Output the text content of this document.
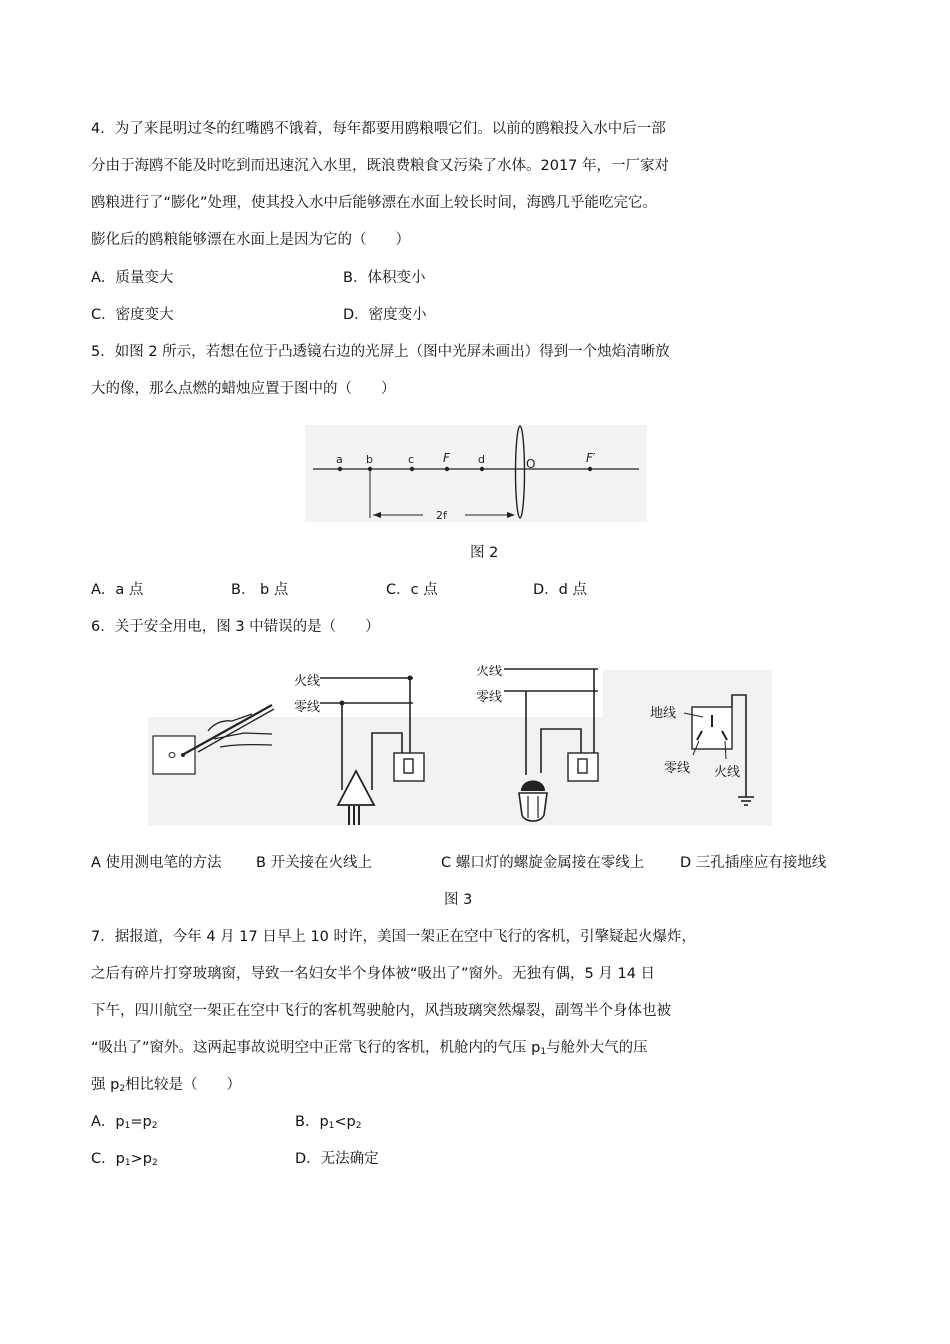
4．为了来昆明过冬的红嘴鸥不饿着，每年都要用鸥粮喂它们。以前的鸥粮投入水中后一部
分由于海鸥不能及时吃到而迅速沉入水里，既浪费粮食又污染了水体。2017 年，一厂家对
鸥粮进行了“膨化”处理，使其投入水中后能够漂在水面上较长时间，海鸥几乎能吃完它。
膨化后的鸥粮能够漂在水面上是因为它的（　　）
A．质量变大	B．体积变小
C．密度变大	D．密度变小
5．如图 2 所示，若想在位于凸透镜右边的光屏上（图中光屏未画出）得到一个烛焰清晰放
大的像，那么点燃的蜡烛应置于图中的（　　）
a b	c F	d	O	F′
2f
图 2
A．a 点	B． b 点	C．c 点	D．d 点
6．关于安全用电，图 3 中错误的是（　　）
火线
零线
火线
零线
地线
零线 火线
A 使用测电笔的方法 B 开关接在火线上	C 螺口灯的螺旋金属接在零线上 D 三孔插座应有接地线
图 3
7．据报道，今年 4 月 17 日早上 10 时许，美国一架正在空中飞行的客机，引擎疑起火爆炸，
之后有碎片打穿玻璃窗，导致一名妇女半个身体被“吸出了”窗外。无独有偶，5 月 14 日
下午，四川航空一架正在空中飞行的客机驾驶舱内，风挡玻璃突然爆裂，副驾半个身体也被
“吸出了”窗外。这两起事故说明空中正常飞行的客机，机舱内的气压 $p_1$与舱外大气的压
强 $p_2$相比较是（　　）
A．$p_1=p_2$	B．$p_1<p_2$
C．$p_1>p_2$	D．无法确定
